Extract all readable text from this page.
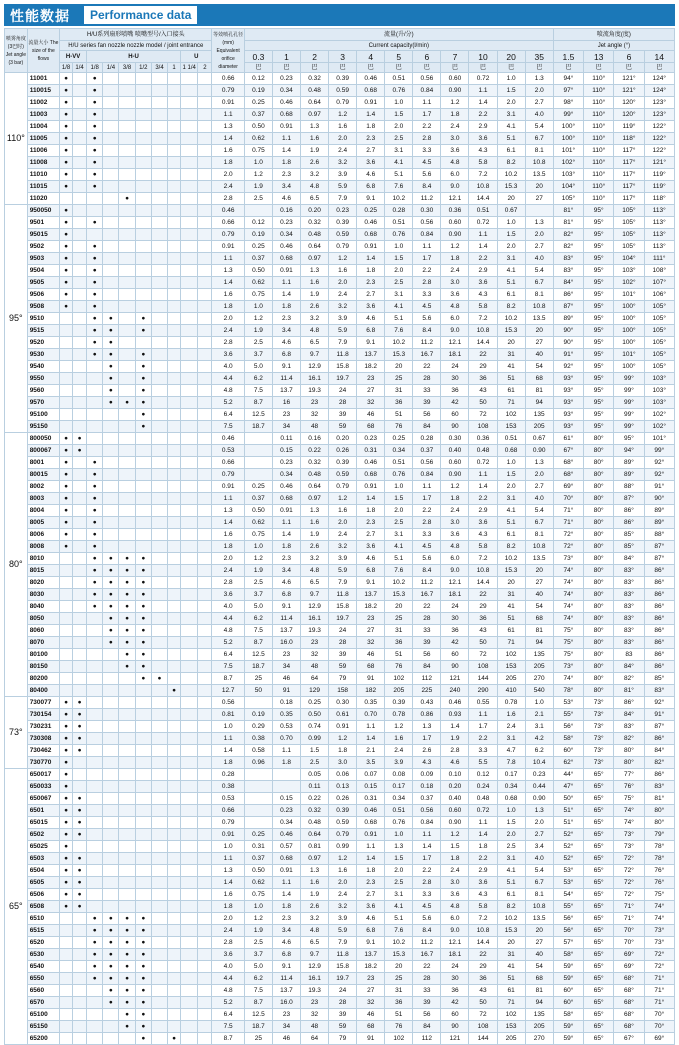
性能数据	Performance data
喷雾角度(3巴时) Jet angle (3 bar)	流量大小 The size of the flows	H/U系列扇形喷嘴 喷嘴型号/入口接头										等效喷孔孔径 (mm) Equivalent orifice diameter	流量(升/分)											喷流角度(度)			
		H/U series fan nozzle nozzle model / joint entrance											Current capacity(l/min)											Jet angle (°)			
		H-VV		H-U						U			0.3	1	2	3	4	5	6	7	10	20	35	1.5	13	6	14
		1/8	1/4	1/8	1/4	3/8	1/2	3/4	1	1 1/4	2		巴	巴	巴	巴	巴	巴	巴	巴	巴	巴	巴	巴	巴	巴	巴
110°	11001	●		●								0.66	0.12	0.23	0.32	0.39	0.46	0.51	0.56	0.60	0.72	1.0	1.3	94°	110°	121°	124°
	110015	●		●								0.79	0.19	0.34	0.48	0.59	0.68	0.76	0.84	0.90	1.1	1.5	2.0	97°	110°	121°	124°
	11002	●		●								0.91	0.25	0.46	0.64	0.79	0.91	1.0	1.1	1.2	1.4	2.0	2.7	98°	110°	120°	123°
	11003	●		●								1.1	0.37	0.68	0.97	1.2	1.4	1.5	1.7	1.8	2.2	3.1	4.0	99°	110°	120°	123°
	11004	●		●								1.3	0.50	0.91	1.3	1.6	1.8	2.0	2.2	2.4	2.9	4.1	5.4	100°	110°	119°	122°
	11005	●		●								1.4	0.62	1.1	1.6	2.0	2.3	2.5	2.8	3.0	3.6	5.1	6.7	100°	110°	118°	122°
	11006	●		●								1.6	0.75	1.4	1.9	2.4	2.7	3.1	3.3	3.6	4.3	6.1	8.1	101°	110°	117°	122°
	11008	●		●								1.8	1.0	1.8	2.6	3.2	3.6	4.1	4.5	4.8	5.8	8.2	10.8	102°	110°	117°	121°
	11010	●		●								2.0	1.2	2.3	3.2	3.9	4.6	5.1	5.6	6.0	7.2	10.2	13.5	103°	110°	117°	119°
	11015	●		●								2.4	1.9	3.4	4.8	5.9	6.8	7.6	8.4	9.0	10.8	15.3	20	104°	110°	117°	119°
	11020					●						2.8	2.5	4.6	6.5	7.9	9.1	10.2	11.2	12.1	14.4	20	27	105°	110°	117°	118°
95°	950050	●										0.46		0.16	0.20	0.23	0.25	0.28	0.30	0.36	0.51	0.67		81°	95°	105°	113°
	9501	●		●								0.66	0.12	0.23	0.32	0.39	0.46	0.51	0.56	0.60	0.72	1.0	1.3	81°	95°	105°	113°
	95015	●										0.79	0.19	0.34	0.48	0.59	0.68	0.76	0.84	0.90	1.1	1.5	2.0	82°	95°	105°	113°
	9502	●		●								0.91	0.25	0.46	0.64	0.79	0.91	1.0	1.1	1.2	1.4	2.0	2.7	82°	95°	105°	113°
	9503	●		●								1.1	0.37	0.68	0.97	1.2	1.4	1.5	1.7	1.8	2.2	3.1	4.0	83°	95°	104°	111°
	9504	●		●								1.3	0.50	0.91	1.3	1.6	1.8	2.0	2.2	2.4	2.9	4.1	5.4	83°	95°	103°	108°
	9505	●		●								1.4	0.62	1.1	1.6	2.0	2.3	2.5	2.8	3.0	3.6	5.1	6.7	84°	95°	102°	107°
	9506	●		●								1.6	0.75	1.4	1.9	2.4	2.7	3.1	3.3	3.6	4.3	6.1	8.1	86°	95°	101°	106°
	9508	●		●								1.8	1.0	1.8	2.6	3.2	3.6	4.1	4.5	4.8	5.8	8.2	10.8	87°	95°	100°	105°
	9510			●	●		●					2.0	1.2	2.3	3.2	3.9	4.6	5.1	5.6	6.0	7.2	10.2	13.5	89°	95°	100°	105°
	9515			●	●		●					2.4	1.9	3.4	4.8	5.9	6.8	7.6	8.4	9.0	10.8	15.3	20	90°	95°	100°	105°
	9520			●	●							2.8	2.5	4.6	6.5	7.9	9.1	10.2	11.2	12.1	14.4	20	27	90°	95°	100°	105°
	9530			●	●		●					3.6	3.7	6.8	9.7	11.8	13.7	15.3	16.7	18.1	22	31	40	91°	95°	101°	105°
	9540				●		●					4.0	5.0	9.1	12.9	15.8	18.2	20	22	24	29	41	54	92°	95°	100°	105°
	9550				●		●					4.4	6.2	11.4	16.1	19.7	23	25	28	30	36	51	68	93°	95°	99°	103°
	9560				●		●					4.8	7.5	13.7	19.3	24	27	31	33	36	43	61	81	93°	95°	99°	103°
	9570				●	●	●					5.2	8.7	16	23	28	32	36	39	42	50	71	94	93°	95°	99°	103°
	95100						●					6.4	12.5	23	32	39	46	51	56	60	72	102	135	93°	95°	99°	102°
	95150						●					7.5	18.7	34	48	59	68	76	84	90	108	153	205	93°	95°	99°	102°
80°	800050	●	●									0.46		0.11	0.16	0.20	0.23	0.25	0.28	0.30	0.36	0.51	0.67	61°	80°	95°	101°
	800067	●	●									0.53		0.15	0.22	0.26	0.31	0.34	0.37	0.40	0.48	0.68	0.90	67°	80°	94°	99°
	8001	●		●								0.66		0.23	0.32	0.39	0.46	0.51	0.56	0.60	0.72	1.0	1.3	68°	80°	89°	92°
	80015	●		●								0.79		0.34	0.48	0.59	0.68	0.76	0.84	0.90	1.1	1.5	2.0	68°	80°	89°	92°
	8002	●		●								0.91	0.25	0.46	0.64	0.79	0.91	1.0	1.1	1.2	1.4	2.0	2.7	69°	80°	88°	91°
	8003	●		●								1.1	0.37	0.68	0.97	1.2	1.4	1.5	1.7	1.8	2.2	3.1	4.0	70°	80°	87°	90°
	8004	●		●								1.3	0.50	0.91	1.3	1.6	1.8	2.0	2.2	2.4	2.9	4.1	5.4	71°	80°	86°	89°
	8005	●		●								1.4	0.62	1.1	1.6	2.0	2.3	2.5	2.8	3.0	3.6	5.1	6.7	71°	80°	86°	89°
	8006	●		●								1.6	0.75	1.4	1.9	2.4	2.7	3.1	3.3	3.6	4.3	6.1	8.1	72°	80°	85°	88°
	8008	●		●								1.8	1.0	1.8	2.6	3.2	3.6	4.1	4.5	4.8	5.8	8.2	10.8	72°	80°	85°	87°
	8010			●	●	●	●					2.0	1.2	2.3	3.2	3.9	4.6	5.1	5.6	6.0	7.2	10.2	13.5	73°	80°	84°	87°
	8015			●	●	●	●					2.4	1.9	3.4	4.8	5.9	6.8	7.6	8.4	9.0	10.8	15.3	20	74°	80°	83°	86°
	8020			●	●	●	●					2.8	2.5	4.6	6.5	7.9	9.1	10.2	11.2	12.1	14.4	20	27	74°	80°	83°	86°
	8030			●	●	●	●					3.6	3.7	6.8	9.7	11.8	13.7	15.3	16.7	18.1	22	31	40	74°	80°	83°	86°
	8040			●	●	●	●					4.0	5.0	9.1	12.9	15.8	18.2	20	22	24	29	41	54	74°	80°	83°	86°
	8050				●	●	●					4.4	6.2	11.4	16.1	19.7	23	25	28	30	36	51	68	74°	80°	83°	86°
	8060				●	●	●					4.8	7.5	13.7	19.3	24	27	31	33	36	43	61	81	75°	80°	83°	86°
	8070				●	●	●					5.2	8.7	16.0	23	28	32	36	39	42	50	71	94	75°	80°	83°	86°
	80100					●	●					6.4	12.5	23	32	39	46	51	56	60	72	102	135	75°	80°	83	86°
	80150					●	●					7.5	18.7	34	48	59	68	76	84	90	108	153	205	73°	80°	84°	86°
	80200						●	●				8.7	25	46	64	79	91	102	112	121	144	205	270	74°	80°	82°	85°
	80400								●			12.7	50	91	129	158	182	205	225	240	290	410	540	78°	80°	81°	83°
73°	730077	●	●									0.56		0.18	0.25	0.30	0.35	0.39	0.43	0.46	0.55	0.78	1.0	53°	73°	86°	92°
	730154	●	●									0.81	0.19	0.35	0.50	0.61	0.70	0.78	0.86	0.93	1.1	1.6	2.1	55°	73°	84°	91°
	730231	●	●									1.0	0.29	0.53	0.74	0.91	1.1	1.2	1.3	1.4	1.7	2.4	3.1	56°	73°	83°	87°
	730308	●	●									1.1	0.38	0.70	0.99	1.2	1.4	1.6	1.7	1.9	2.2	3.1	4.2	58°	73°	82°	86°
	730462	●	●									1.4	0.58	1.1	1.5	1.8	2.1	2.4	2.6	2.8	3.3	4.7	6.2	60°	73°	80°	84°
	730770	●										1.8	0.96	1.8	2.5	3.0	3.5	3.9	4.3	4.6	5.5	7.8	10.4	62°	73°	80°	82°
65°	650017	●										0.28			0.05	0.06	0.07	0.08	0.09	0.10	0.12	0.17	0.23	44°	65°	77°	86°
	650033	●										0.38			0.11	0.13	0.15	0.17	0.18	0.20	0.24	0.34	0.44	47°	65°	76°	83°
	650067	●	●									0.53		0.15	0.22	0.26	0.31	0.34	0.37	0.40	0.48	0.68	0.90	50°	65°	75°	81°
	6501	●	●									0.66		0.23	0.32	0.39	0.46	0.51	0.56	0.60	0.72	1.0	1.3	51°	65°	74°	80°
	65015	●	●									0.79		0.34	0.48	0.59	0.68	0.76	0.84	0.90	1.1	1.5	2.0	51°	65°	74°	80°
	6502	●	●									0.91	0.25	0.46	0.64	0.79	0.91	1.0	1.1	1.2	1.4	2.0	2.7	52°	65°	73°	79°
	65025	●										1.0	0.31	0.57	0.81	0.99	1.1	1.3	1.4	1.5	1.8	2.5	3.4	52°	65°	73°	78°
	6503	●	●									1.1	0.37	0.68	0.97	1.2	1.4	1.5	1.7	1.8	2.2	3.1	4.0	52°	65°	72°	78°
	6504	●	●									1.3	0.50	0.91	1.3	1.6	1.8	2.0	2.2	2.4	2.9	4.1	5.4	53°	65°	72°	76°
	6505	●	●									1.4	0.62	1.1	1.6	2.0	2.3	2.5	2.8	3.0	3.6	5.1	6.7	53°	65°	72°	76°
	6506	●	●									1.6	0.75	1.4	1.9	2.4	2.7	3.1	3.3	3.6	4.3	6.1	8.1	54°	65°	72°	75°
	6508	●	●									1.8	1.0	1.8	2.6	3.2	3.6	4.1	4.5	4.8	5.8	8.2	10.8	55°	65°	71°	74°
	6510			●	●	●	●					2.0	1.2	2.3	3.2	3.9	4.6	5.1	5.6	6.0	7.2	10.2	13.5	56°	65°	71°	74°
	6515			●	●	●	●					2.4	1.9	3.4	4.8	5.9	6.8	7.6	8.4	9.0	10.8	15.3	20	56°	65°	70°	73°
	6520			●	●	●	●					2.8	2.5	4.6	6.5	7.9	9.1	10.2	11.2	12.1	14.4	20	27	57°	65°	70°	73°
	6530			●	●	●	●					3.6	3.7	6.8	9.7	11.8	13.7	15.3	16.7	18.1	22	31	40	58°	65°	69°	72°
	6540			●	●	●	●					4.0	5.0	9.1	12.9	15.8	18.2	20	22	24	29	41	54	59°	65°	69°	72°
	6550			●	●	●	●					4.4	6.2	11.4	16.1	19.7	23	25	28	30	36	51	68	59°	65°	68°	71°
	6560				●	●	●					4.8	7.5	13.7	19.3	24	27	31	33	36	43	61	81	60°	65°	68°	71°
	6570				●	●	●					5.2	8.7	16.0	23	28	32	36	39	42	50	71	94	60°	65°	68°	71°
	65100					●	●					6.4	12.5	23	32	39	46	51	56	60	72	102	135	58°	65°	68°	70°
	65150					●	●					7.5	18.7	34	48	59	68	76	84	90	108	153	205	59°	65°	68°	70°
	65200						●		●			8.7	25	46	64	79	91	102	112	121	144	205	270	59°	65°	67°	69°
